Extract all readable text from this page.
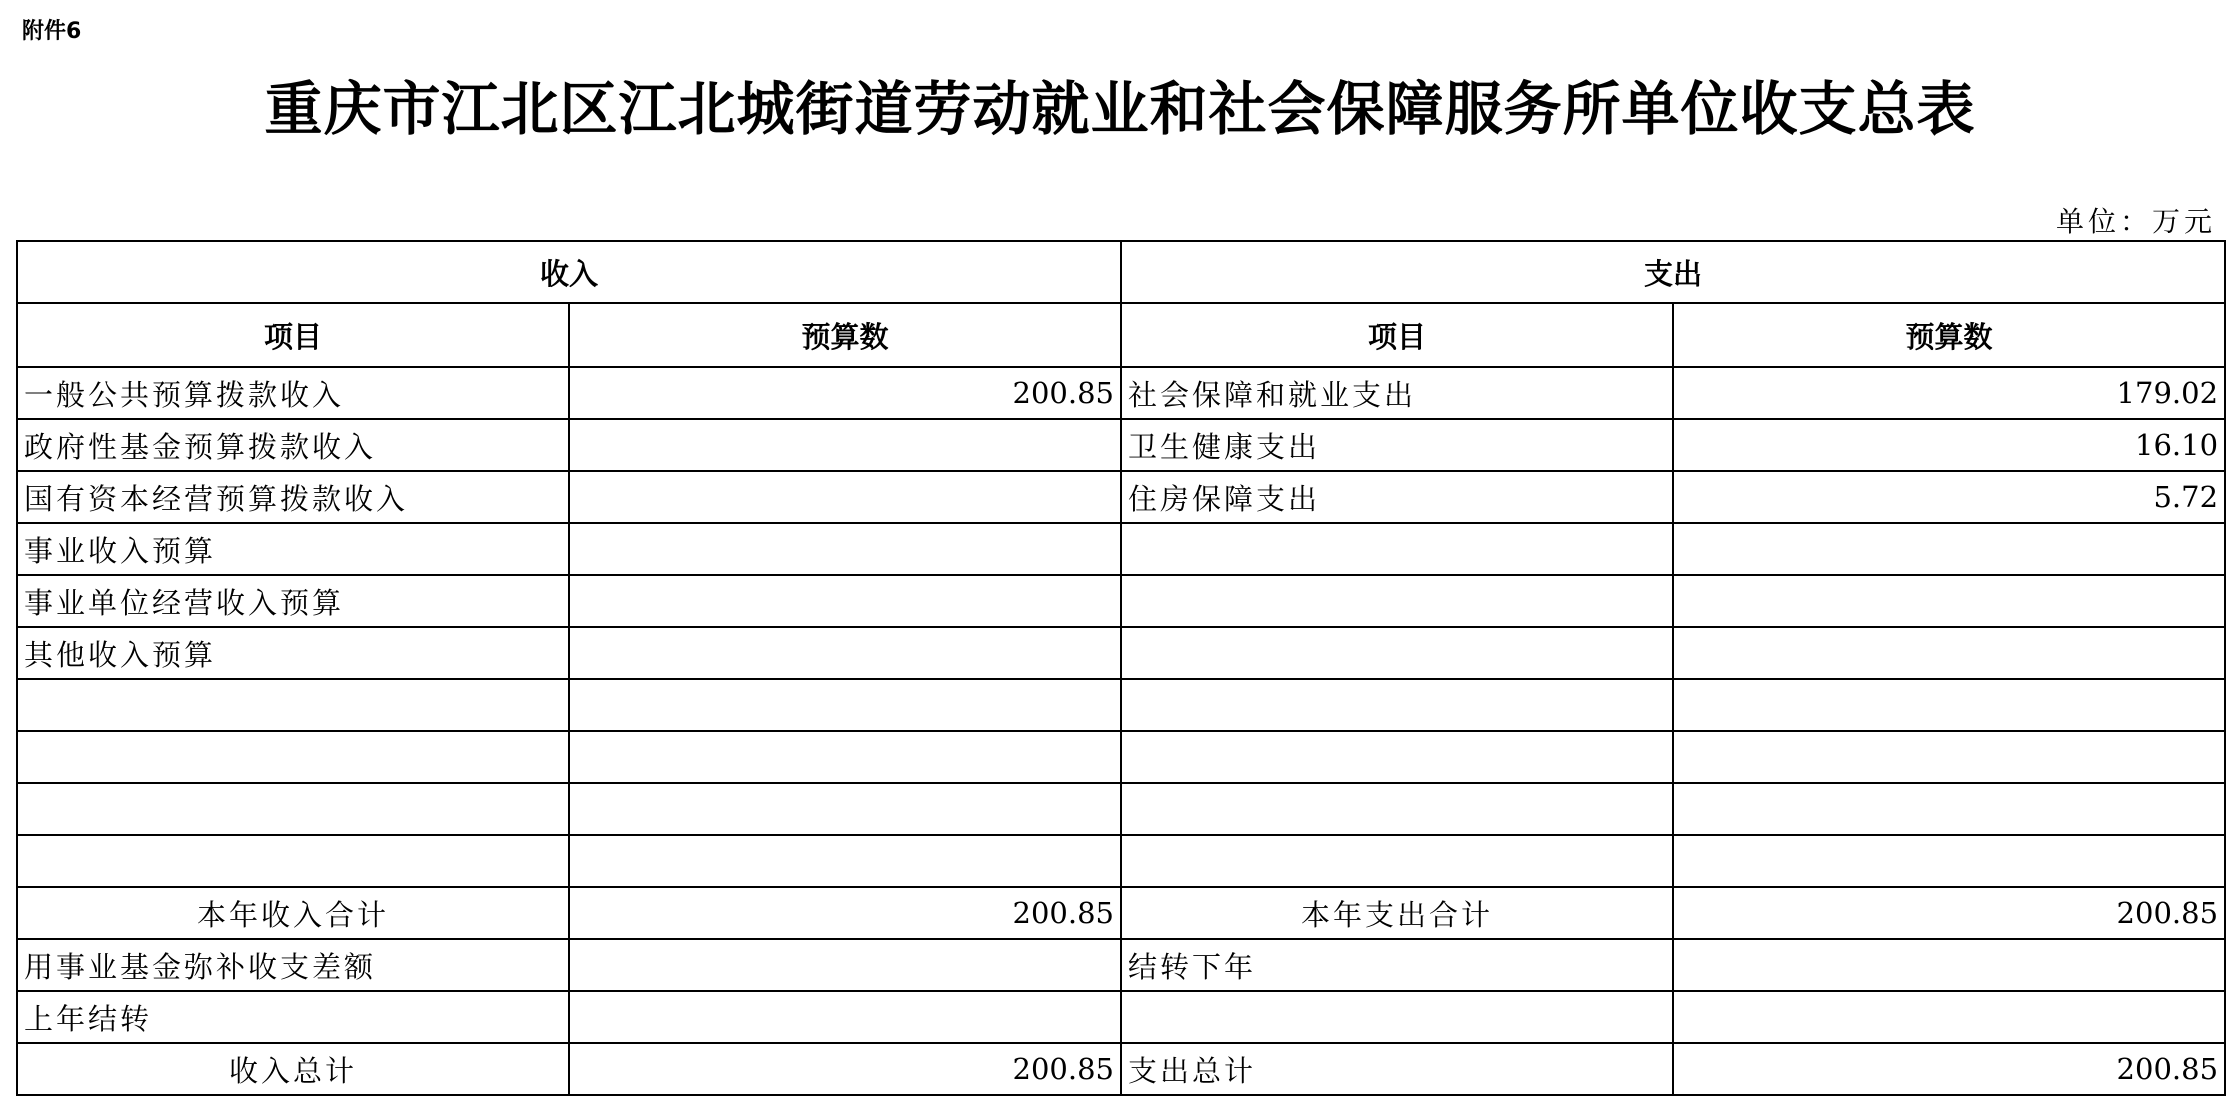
附件6
重庆市江北区江北城街道劳动就业和社会保障服务所单位收支总表
单位：万元
收入		支出	
项目	预算数	项目	预算数
一般公共预算拨款收入	200.85	社会保障和就业支出	179.02
政府性基金预算拨款收入		卫生健康支出	16.10
国有资本经营预算拨款收入		住房保障支出	5.72
事业收入预算			
事业单位经营收入预算			
其他收入预算			

本年收入合计	200.85	本年支出合计	200.85
用事业基金弥补收支差额		结转下年	
上年结转			
收入总计	200.85	支出总计	200.85
